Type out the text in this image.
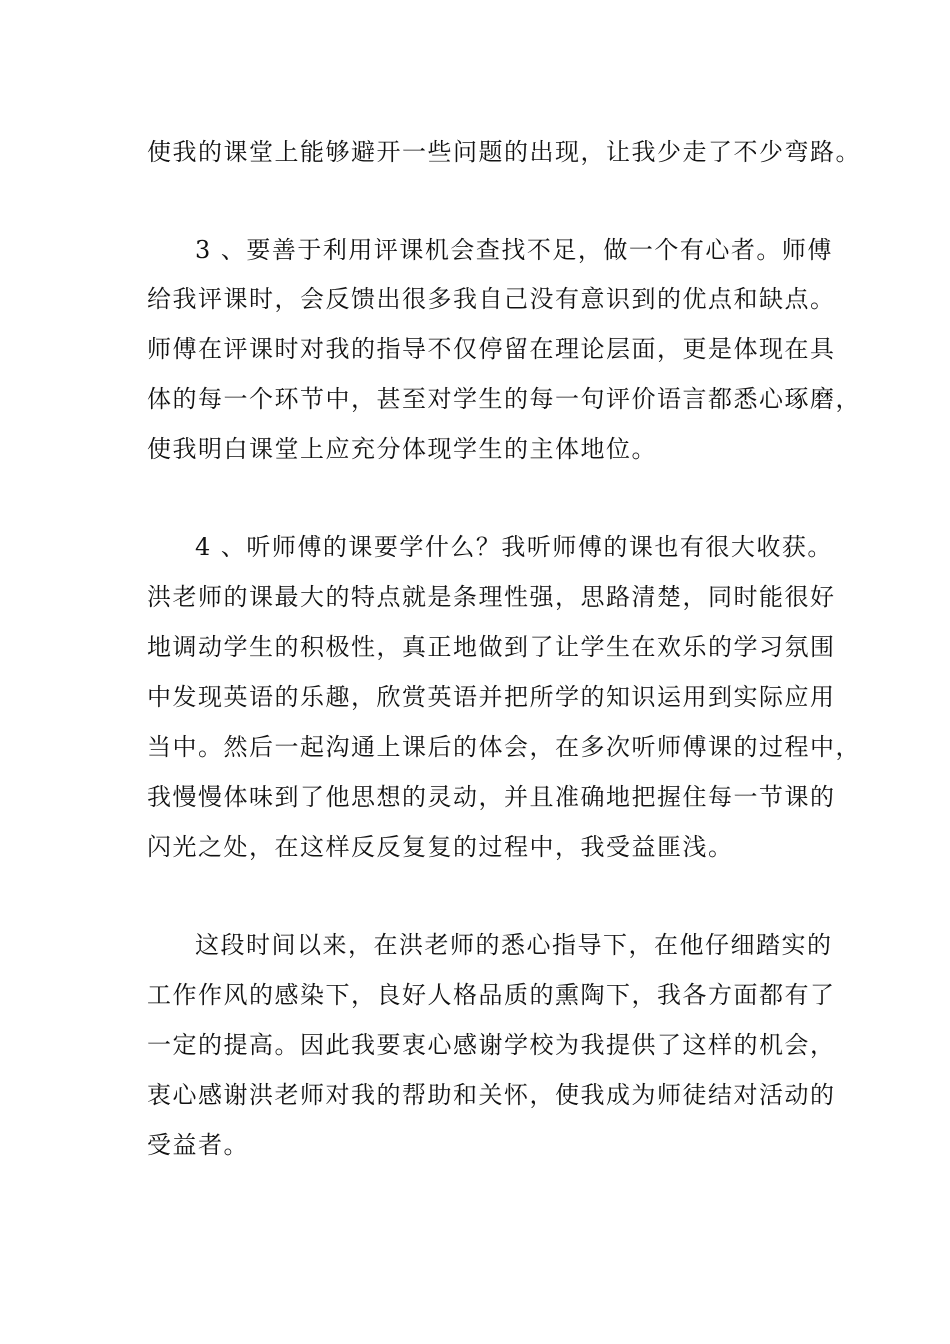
使我的课堂上能够避开一些问题的出现，让我少走了不少弯路。
3 、要善于利用评课机会查找不足，做一个有心者。师傅
给我评课时，会反馈出很多我自己没有意识到的优点和缺点。
师傅在评课时对我的指导不仅停留在理论层面，更是体现在具
体的每一个环节中，甚至对学生的每一句评价语言都悉心琢磨，
使我明白课堂上应充分体现学生的主体地位。
4 、听师傅的课要学什么？我听师傅的课也有很大收获。
洪老师的课最大的特点就是条理性强，思路清楚，同时能很好
地调动学生的积极性，真正地做到了让学生在欢乐的学习氛围
中发现英语的乐趣，欣赏英语并把所学的知识运用到实际应用
当中。然后一起沟通上课后的体会，在多次听师傅课的过程中，
我慢慢体味到了他思想的灵动，并且准确地把握住每一节课的
闪光之处，在这样反反复复的过程中，我受益匪浅。
这段时间以来，在洪老师的悉心指导下，在他仔细踏实的
工作作风的感染下，良好人格品质的熏陶下，我各方面都有了
一定的提高。因此我要衷心感谢学校为我提供了这样的机会，
衷心感谢洪老师对我的帮助和关怀，使我成为师徒结对活动的
受益者。
